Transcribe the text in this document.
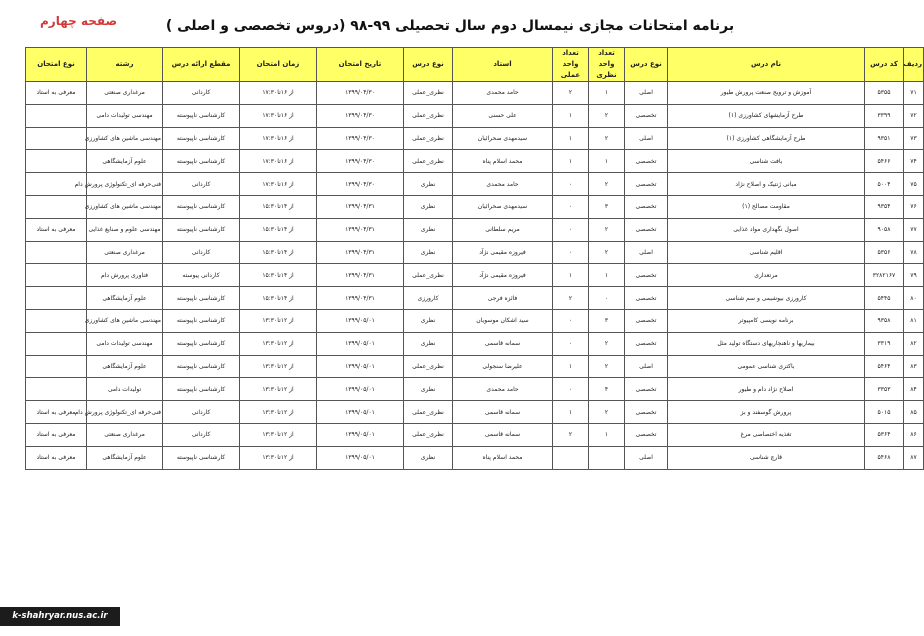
صفحه چهارم	برنامه امتحانات مجازی نیمسال دوم سال تحصیلی ۹۹-۹۸ (دروس تخصصی و اصلی )
ردیف	کد درس	نام درس	نوع درس	تعداد واحد نظری	تعداد واحد عملی	استاد	نوع درس	تاریخ امتحان	زمان امتحان	مقطع ارائه درس	رشته	نوع امتحان
۷۱	۵۳۵۵	آموزش و ترویج صنعت پرورش طیور	اصلی	۱	۲	حامد محمدی	نظری_عملی	۱۳۹۹/۰۴/۳۰	از ۱۶تا۱۷:۳۰	کاردانی	مرغداری صنعتی	معرفی به استاد
۷۲	۳۳۹۹	طرح آزمایشهای کشاورزی (۱)	تخصصی	۲	۱	علی حسنی	نظری_عملی	۱۳۹۹/۰۴/۳۰	از ۱۶تا۱۷:۳۰	کارشناسی ناپیوسته	مهندسی تولیدات دامی	
۷۳	۹۳۵۱	طرح آزمایشگاهی کشاورزی (۱)	اصلی	۲	۱	سیدمهدی صحرائیان	نظری_عملی	۱۳۹۹/۰۴/۳۰	از ۱۶تا۱۷:۳۰	کارشناسی ناپیوسته	مهندسی ماشین های کشاورزی	
۷۴	۵۴۶۶	بافت شناسی	تخصصی	۱	۱	محمد اسلام پناه	نظری_عملی	۱۳۹۹/۰۴/۳۰	از ۱۶تا۱۷:۳۰	کارشناسی ناپیوسته	علوم آزمایشگاهی	
۷۵	۵۰۰۴	مبانی ژنتیک و اصلاح نژاد	تخصصی	۲	۰	حامد محمدی	نظری	۱۳۹۹/۰۴/۳۰	از ۱۶تا۱۷:۳۰	کاردانی	فنی‌حرفه ای_تکنولوژی پرورش دام	
۷۶	۹۳۵۴	مقاومت مصالح (۱)	تخصصی	۳	۰	سیدمهدی صحرائیان	نظری	۱۳۹۹/۰۴/۳۱	از ۱۴تا۱۵:۳۰	کارشناسی ناپیوسته	مهندسی ماشین های کشاورزی	
۷۷	۹۰۵۸	اصول نگهداری مواد غذایی	تخصصی	۲	۰	مریم سلطانی	نظری	۱۳۹۹/۰۴/۳۱	از ۱۴تا۱۵:۳۰	کارشناسی ناپیوسته	مهندسی علوم و صنایع غذایی	معرفی به استاد
۷۸	۵۳۵۶	اقلیم شناسی	اصلی	۲	۰	فیروزه مقیمی نژآد	نظری	۱۳۹۹/۰۴/۳۱	از ۱۴تا۱۵:۳۰	کاردانی	مرغداری صنعتی	
۷۹	۳۲۸۲۱۶۷	مرتعداری	تخصصی	۱	۱	فیروزه مقیمی نژآد	نظری_عملی	۱۳۹۹/۰۴/۳۱	از ۱۴تا۱۵:۳۰	کاردانی پیوسته	فناوری پرورش دام	
۸۰	۵۴۴۵	کارورزی بیوشیمی و سم شناسی	تخصصی	۰	۲	فائزه فرجی	کارورزی	۱۳۹۹/۰۴/۳۱	از ۱۴تا۱۵:۳۰	کارشناسی ناپیوسته	علوم آزمایشگاهی	
۸۱	۹۳۵۸	برنامه نویسی کامپیوتر	تخصصی	۳	۰	سید اشکان موسویان	نظری	۱۳۹۹/۰۵/۰۱	از ۱۲تا۱۳:۳۰	کارشناسی ناپیوسته	مهندسی ماشین های کشاورزی	
۸۲	۳۳۱۹	بیماریها و ناهنجاریهای دستگاه تولید مثل	تخصصی	۲	۰	سمانه قاسمی	نظری	۱۳۹۹/۰۵/۰۱	از ۱۲تا۱۳:۳۰	کارشناسی ناپیوسته	مهندسی تولیدات دامی	
۸۳	۵۴۶۴	باکتری شناسی عمومی	اصلی	۲	۱	علیرضا سنجولی	نظری_عملی	۱۳۹۹/۰۵/۰۱	از ۱۲تا۱۳:۳۰	کارشناسی ناپیوسته	علوم آزمایشگاهی	
۸۴	۳۳۵۳	اصلاح نژاد دام و طیور	تخصصی	۴	۰	حامد محمدی	نظری	۱۳۹۹/۰۵/۰۱	از ۱۲تا۱۳:۳۰	کارشناسی ناپیوسته	تولیدات دامی	
۸۵	۵۰۱۵	پرورش گوسفند و بز	تخصصی	۲	۱	سمانه قاسمی	نظری_عملی	۱۳۹۹/۰۵/۰۱	از ۱۲تا۱۳:۳۰	کاردانی	فنی‌حرفه ای_تکنولوژی پرورش دام	معرفی به استاد
۸۶	۵۳۶۴	تغذیه اختصاصی مرغ	تخصصی	۱	۲	سمانه قاسمی	نظری_عملی	۱۳۹۹/۰۵/۰۱	از ۱۲تا۱۳:۳۰	کاردانی	مرغداری صنعتی	معرفی به استاد
۸۷	۵۴۶۸	قارچ شناسی	اصلی			محمد اسلام پناه	نظری	۱۳۹۹/۰۵/۰۱	از ۱۲تا۱۳:۳۰	کارشناسی ناپیوسته	علوم آزمایشگاهی	معرفی به استاد
k-shahryar.nus.ac.ir
